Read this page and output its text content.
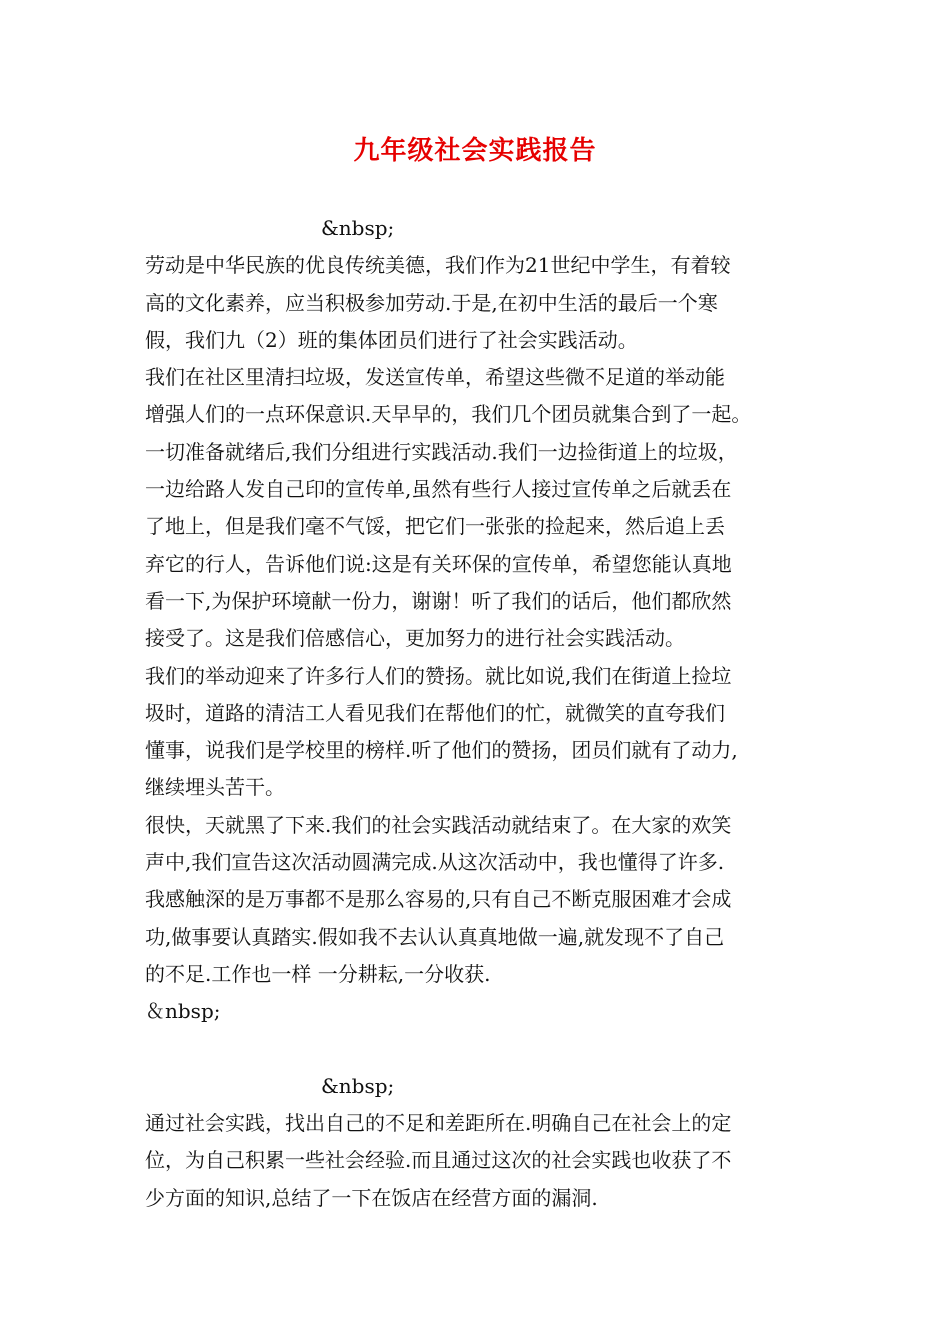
九年级社会实践报告
&nbsp;
劳动是中华民族的优良传统美德，我们作为21世纪中学生，有着较
高的文化素养，应当积极参加劳动.于是,在初中生活的最后一个寒
假，我们九（2）班的集体团员们进行了社会实践活动。
我们在社区里清扫垃圾，发送宣传单，希望这些微不足道的举动能
增强人们的一点环保意识.天早早的，我们几个团员就集合到了一起。
一切准备就绪后,我们分组进行实践活动.我们一边捡街道上的垃圾，
一边给路人发自己印的宣传单,虽然有些行人接过宣传单之后就丢在
了地上，但是我们毫不气馁，把它们一张张的捡起来，然后追上丢
弃它的行人，告诉他们说:这是有关环保的宣传单，希望您能认真地
看一下,为保护环境献一份力，谢谢！听了我们的话后，他们都欣然
接受了。这是我们倍感信心，更加努力的进行社会实践活动。
我们的举动迎来了许多行人们的赞扬。就比如说,我们在街道上捡垃
圾时，道路的清洁工人看见我们在帮他们的忙，就微笑的直夸我们
懂事，说我们是学校里的榜样.听了他们的赞扬，团员们就有了动力,
继续埋头苦干。
很快，天就黑了下来.我们的社会实践活动就结束了。在大家的欢笑
声中,我们宣告这次活动圆满完成.从这次活动中，我也懂得了许多.
我感触深的是万事都不是那么容易的,只有自己不断克服困难才会成
功,做事要认真踏实.假如我不去认认真真地做一遍,就发现不了自己
的不足.工作也一样 一分耕耘,一分收获.
＆nbsp;
&nbsp;
通过社会实践，找出自己的不足和差距所在.明确自己在社会上的定
位，为自己积累一些社会经验.而且通过这次的社会实践也收获了不
少方面的知识,总结了一下在饭店在经营方面的漏洞.
